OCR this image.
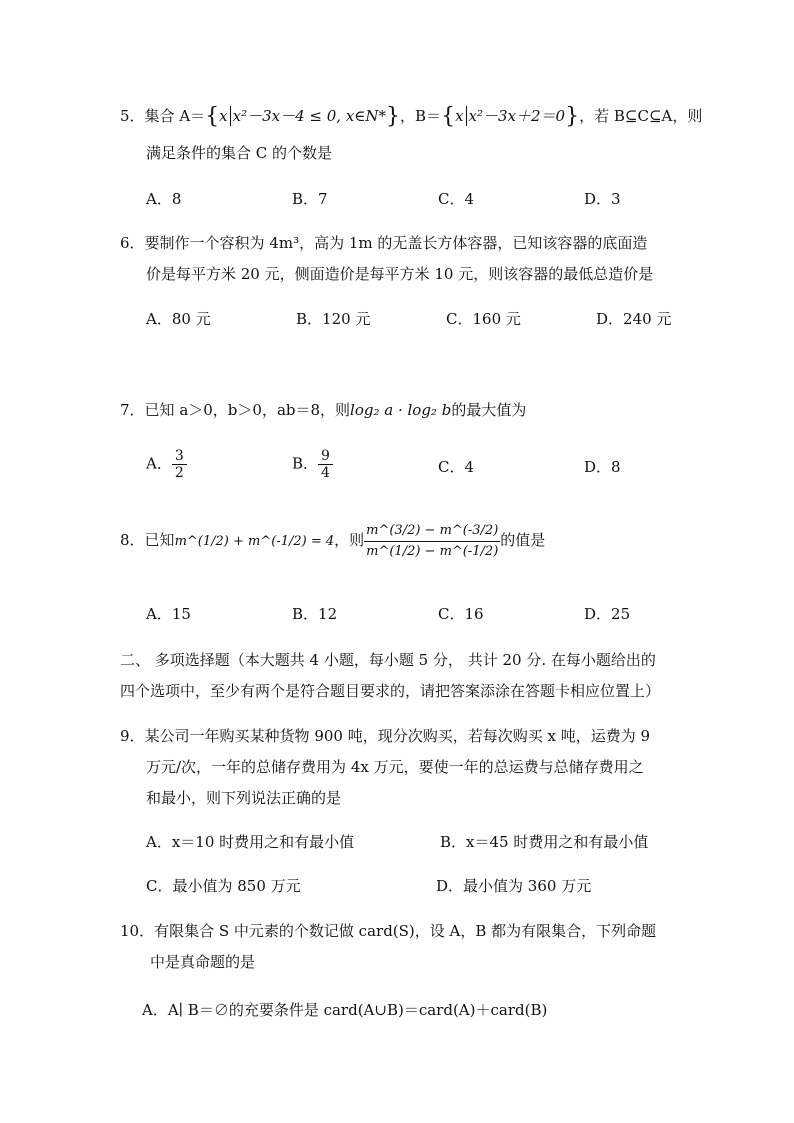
5．集合 A＝{x x²－3x－4 ≤ 0, x∈N*}，B＝{x x²－3x＋2＝0}，若 B⊆C⊆A，则
满足条件的集合 C 的个数是
A．8	B．7	C．4	D．3
6．要制作一个容积为 4m³，高为 1m 的无盖长方体容器，已知该容器的底面造
价是每平方米 20 元，侧面造价是每平方米 10 元，则该容器的最低总造价是
A．80 元	B．120 元	C．160 元	D．240 元
7．已知 a＞0，b＞0，ab＝8，则log₂ a · log₂ b的最大值为
A． $\frac{3}{2}$	B． $\frac{9}{4}$	C．4	D．8
8．已知m^(1/2) + m^(-1/2) = 4，则 $\frac{m\^{}(3/2) - m\^{}(-3/2)}{m\^{}(1/2) - m\^{}(-1/2)}$ 的值是
A．15	B．12	C．16	D．25
二、 多项选择题（本大题共 4 小题，每小题 5 分， 共计 20 分. 在每小题给出的
四个选项中，至少有两个是符合题目要求的，请把答案添涂在答题卡相应位置上）
9．某公司一年购买某种货物 900 吨，现分次购买，若每次购买 x 吨，运费为 9
万元/次，一年的总储存费用为 4x 万元，要使一年的总运费与总储存费用之
和最小，则下列说法正确的是
A．x＝10 时费用之和有最小值	B．x＝45 时费用之和有最小值
C．最小值为 850 万元	D．最小值为 360 万元
10．有限集合 S 中元素的个数记做 card(S)，设 A，B 都为有限集合，下列命题
中是真命题的是
A．A∣ B＝∅的充要条件是 card(A∪B)＝card(A)＋card(B)
